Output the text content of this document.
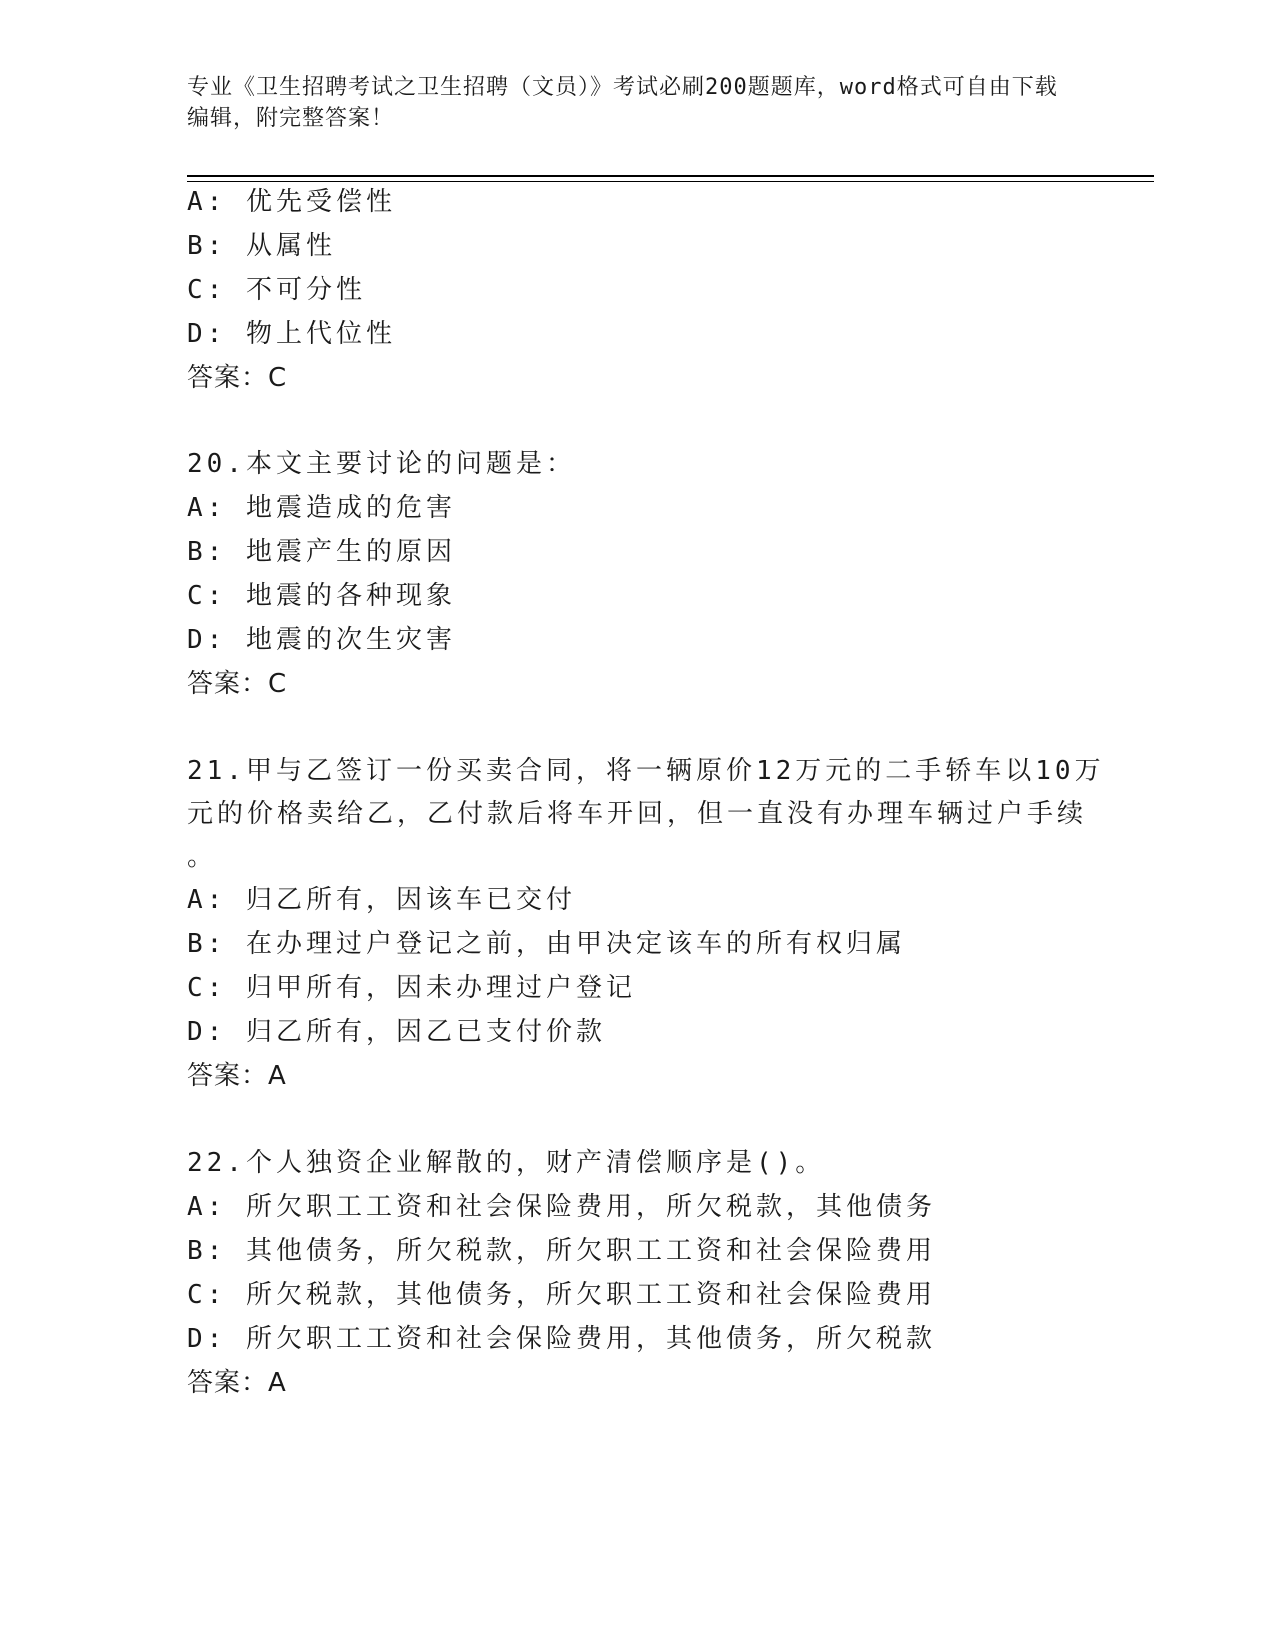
专业《卫生招聘考试之卫生招聘（文员）》考试必刷200题题库，word格式可自由下载编辑，附完整答案！
A: 优先受偿性
B: 从属性
C: 不可分性
D: 物上代位性
答案：C
20.本文主要讨论的问题是：
A: 地震造成的危害
B: 地震产生的原因
C: 地震的各种现象
D: 地震的次生灾害
答案：C
21.甲与乙签订一份买卖合同，将一辆原价12万元的二手轿车以10万
元的价格卖给乙，乙付款后将车开回，但一直没有办理车辆过户手续
。
A: 归乙所有，因该车已交付
B: 在办理过户登记之前，由甲决定该车的所有权归属
C: 归甲所有，因未办理过户登记
D: 归乙所有，因乙已支付价款
答案：A
22.个人独资企业解散的，财产清偿顺序是()。
A: 所欠职工工资和社会保险费用，所欠税款，其他债务
B: 其他债务，所欠税款，所欠职工工资和社会保险费用
C: 所欠税款，其他债务，所欠职工工资和社会保险费用
D: 所欠职工工资和社会保险费用，其他债务，所欠税款
答案：A
